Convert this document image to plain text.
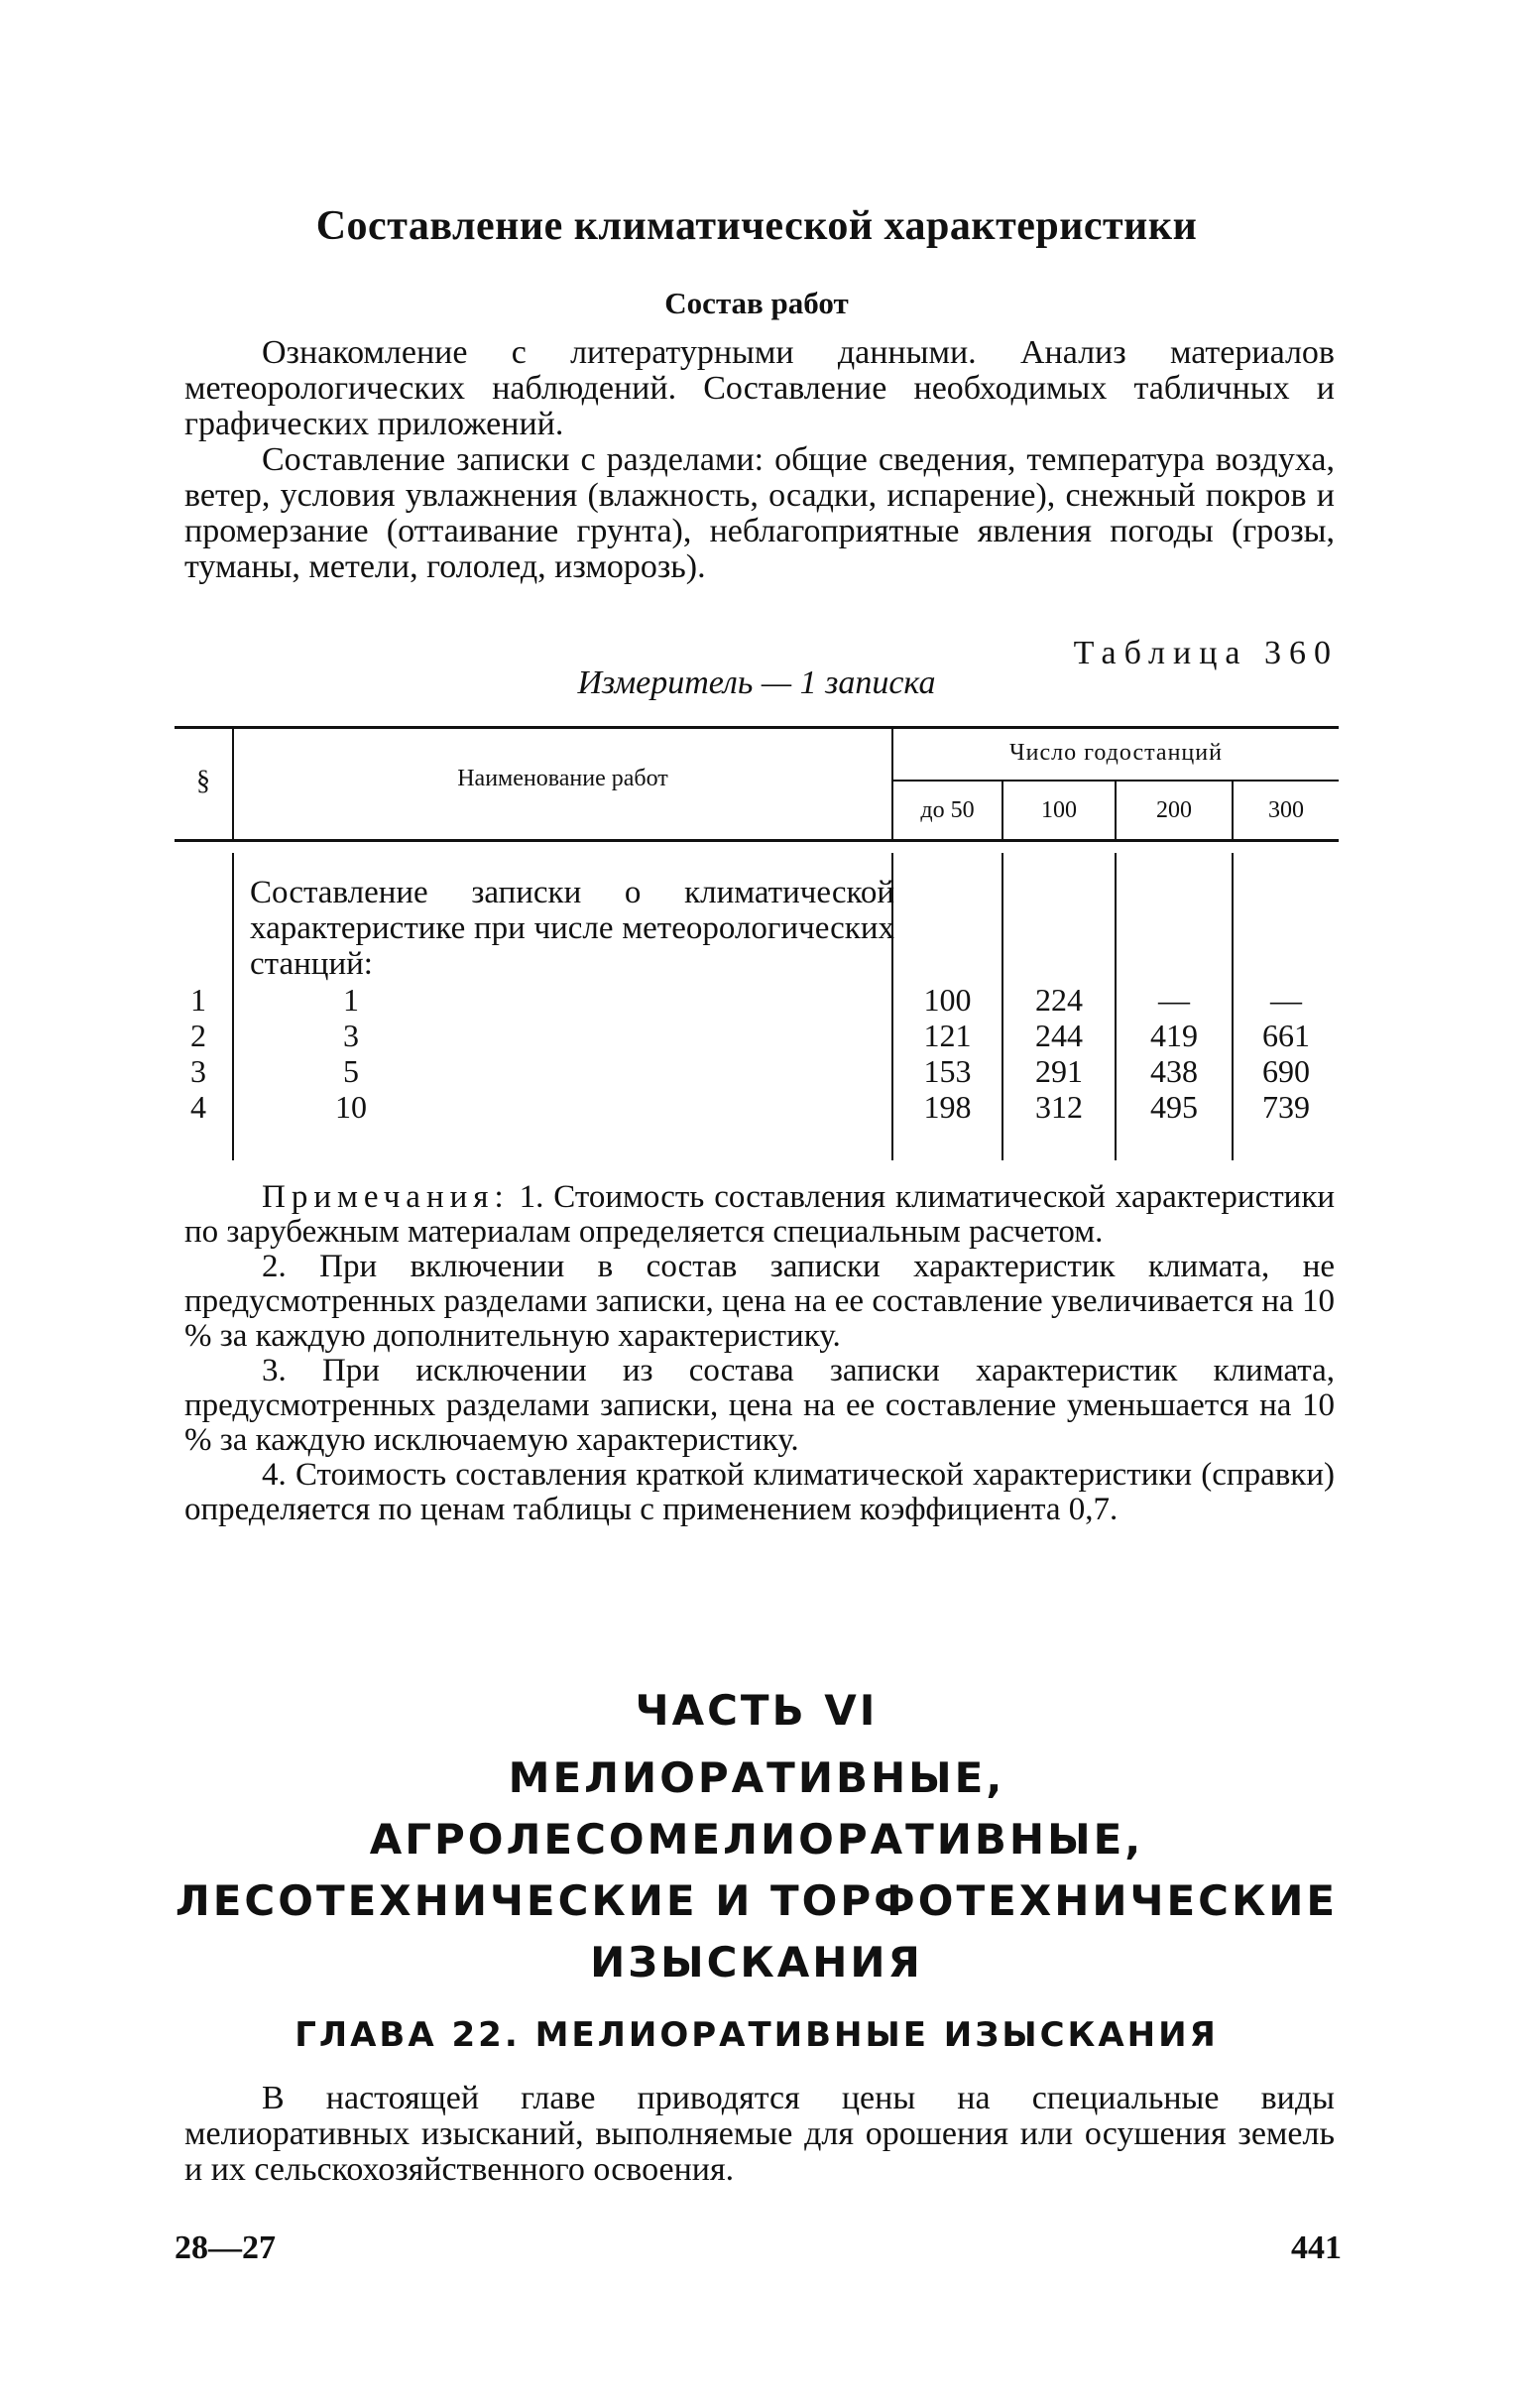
Составление климатической характеристики
Состав работ

Ознакомление с литературными данными. Анализ материалов метеорологических наблюдений. Составление необходимых табличных и графических приложений.

Составление записки с разделами: общие сведения, температура воздуха, ветер, условия увлажнения (влажность, осадки, испарение), снежный покров и промерзание (оттаивание грунта), неблагоприятные явления погоды (грозы, туманы, метели, гололед, изморозь).

Таблица 360
Измеритель — 1 записка
§	Наименование работ
Число годостанций
до 50	100	200	300
Составление записки о климатической характеристике при числе метеорологических станций:
1	1	100	224	—	—
2	3	121	244	419	661
3	5	153	291	438	690
4	10	198	312	495	739

Примечания: 1. Стоимость составления климатической характеристики по зарубежным материалам определяется специальным расчетом.

2. При включении в состав записки характеристик климата, не предусмотренных разделами записки, цена на ее составление увеличивается на 10 % за каждую дополнительную характеристику.

3. При исключении из состава записки характеристик климата, предусмотренных разделами записки, цена на ее составление уменьшается на 10 % за каждую исключаемую характеристику.

4. Стоимость составления краткой климатической характеристики (справки) определяется по ценам таблицы с применением коэффициента 0,7.

ЧАСТЬ VI
МЕЛИОРАТИВНЫЕ,
АГРОЛЕСОМЕЛИОРАТИВНЫЕ,
ЛЕСОТЕХНИЧЕСКИЕ И ТОРФОТЕХНИЧЕСКИЕ
ИЗЫСКАНИЯ
ГЛАВА 22. МЕЛИОРАТИВНЫЕ ИЗЫСКАНИЯ

В настоящей главе приводятся цены на специальные виды мелиоративных изысканий, выполняемые для орошения или осушения земель и их сельскохозяйственного освоения.

28—27	441
